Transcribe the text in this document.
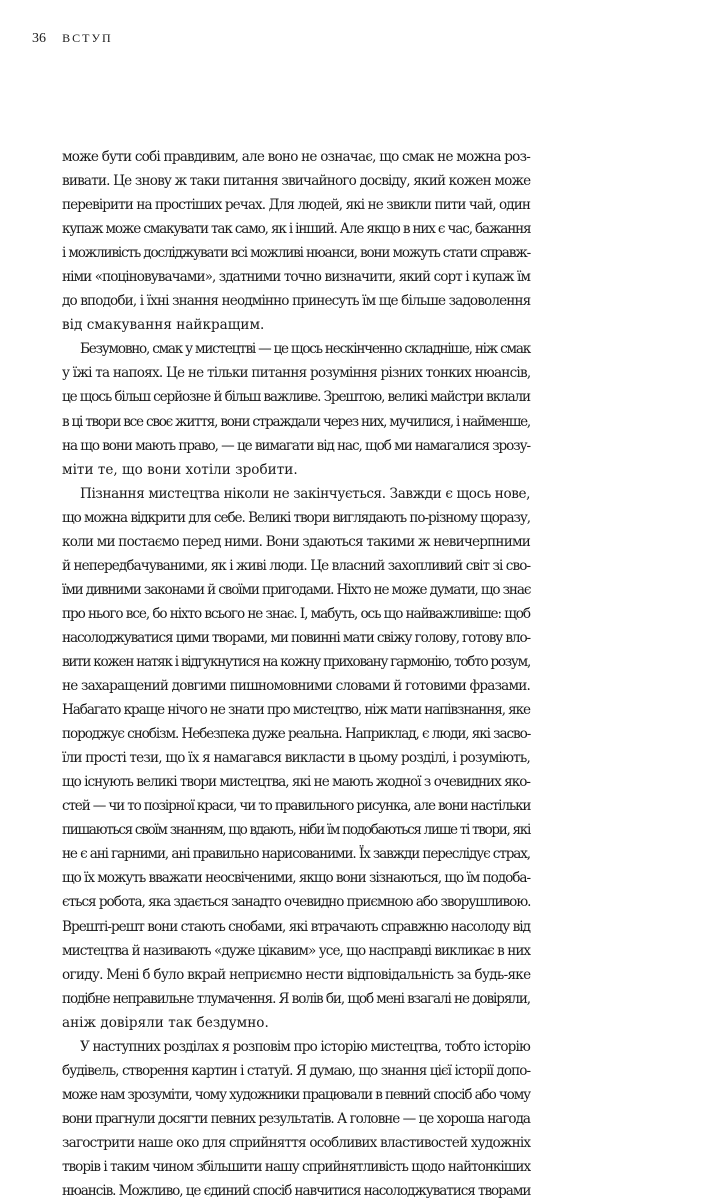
36 ВСТУП

може бути собі правдивим, але воно не означає, що смак не можна роз-
вивати. Це знову ж таки питання звичайного досвіду, який кожен може
перевірити на простіших речах. Для людей, які не звикли пити чай, один
купаж може смакувати так само, як і інший. Але якщо в них є час, бажання
і можливість досліджувати всі можливі нюанси, вони можуть стати справж-
німи «поціновувачами», здатними точно визначити, який сорт і купаж їм
до вподоби, і їхні знання неодмінно принесуть їм ще більше задоволення
від смакування найкращим.

Безумовно, смак у мистецтві — це щось нескінченно складніше, ніж смак
у їжі та напоях. Це не тільки питання розуміння різних тонких нюансів,
це щось більш серйозне й більш важливе. Зрештою, великі майстри вклали
в ці твори все своє життя, вони страждали через них, мучилися, і найменше,
на що вони мають право, — це вимагати від нас, щоб ми намагалися зрозу-
міти те, що вони хотіли зробити.

Пізнання мистецтва ніколи не закінчується. Завжди є щось нове,
що можна відкрити для себе. Великі твори виглядають по-різному щоразу,
коли ми постаємо перед ними. Вони здаються такими ж невичерпними
й непередбачуваними, як і живі люди. Це власний захопливий світ зі сво-
їми дивними законами й своїми пригодами. Ніхто не може думати, що знає
про нього все, бо ніхто всього не знає. І, мабуть, ось що найважливіше: щоб
насолоджуватися цими творами, ми повинні мати свіжу голову, готову вло-
вити кожен натяк і відгукнутися на кожну приховану гармонію, тобто розум,
не захаращений довгими пишномовними словами й готовими фразами.
Набагато краще нічого не знати про мистецтво, ніж мати напівзнання, яке
породжує снобізм. Небезпека дуже реальна. Наприклад, є люди, які засво-
їли прості тези, що їх я намагався викласти в цьому розділі, і розуміють,
що існують великі твори мистецтва, які не мають жодної з очевидних яко-
стей — чи то позірної краси, чи то правильного рисунка, але вони настільки
пишаються своїм знанням, що вдають, ніби їм подобаються лише ті твори, які
не є ані гарними, ані правильно нарисованими. Їх завжди переслідує страх,
що їх можуть вважати неосвіченими, якщо вони зізнаються, що їм подоба-
ється робота, яка здається занадто очевидно приємною або зворушливою.
Врешті-решт вони стають снобами, які втрачають справжню насолоду від
мистецтва й називають «дуже цікавим» усе, що насправді викликає в них
огиду. Мені б було вкрай неприємно нести відповідальність за будь-яке
подібне неправильне тлумачення. Я волів би, щоб мені взагалі не довіряли,
аніж довіряли так бездумно.

У наступних розділах я розповім про історію мистецтва, тобто історію
будівель, створення картин і статуй. Я думаю, що знання цієї історії допо-
може нам зрозуміти, чому художники працювали в певний спосіб або чому
вони прагнули досягти певних результатів. А головне — це хороша нагода
загострити наше око для сприйняття особливих властивостей художніх
творів і таким чином збільшити нашу сприйнятливість щодо найтонкіших
нюансів. Можливо, це єдиний спосіб навчитися насолоджуватися творами
